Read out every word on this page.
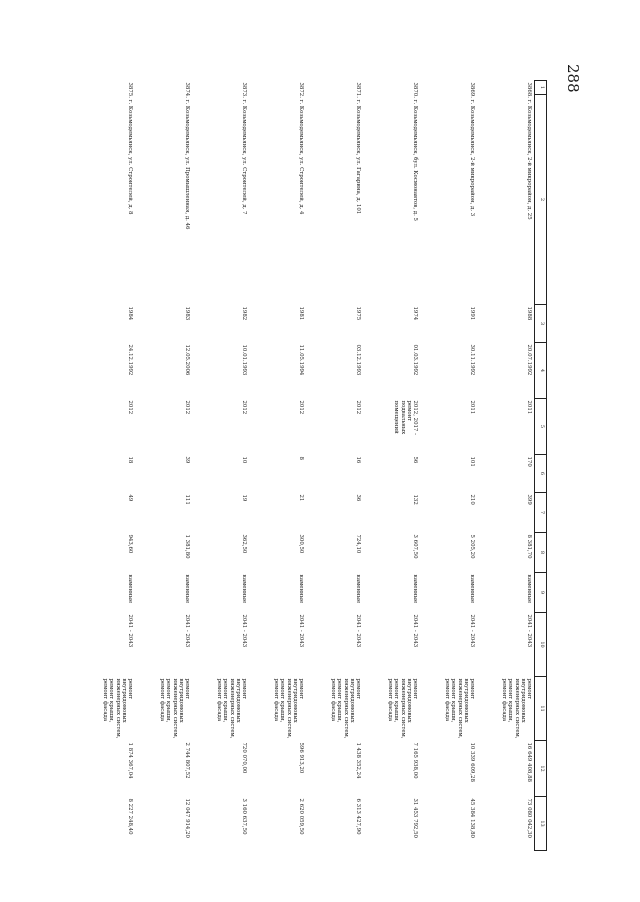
288
1	2	3	4	5	6	7	8	9	10	11	12	13
3868. г. Козьмодемьянск, 2-й микрорайон, д. 25		1988	20.07.1992	2011	170	399	8 381,70	каменные	2041 - 2043	ремонт внутридомовых инженерных систем, ремонт крыши, ремонт фасада	16 649 408,88	73 080 042,30
3869. г. Козьмодемьянск, 2-й микрорайон, д. 3		1991	30.11.1992	2011	101	210	5 205,20	каменные	2041 - 2043	ремонт внутридомовых инженерных систем, ремонт крыши, ремонт фасада	10 339 609,28	45 384 138,80
3870. г. Козьмодемьянск, бул. Космонавтов, д. 5		1974	01.03.1992	2012, 2017 - ремонт подвальных помещений	56	132	3 607,50	каменные	2041 - 2043	ремонт внутридомовых инженерных систем, ремонт крыши, ремонт фасада	7 165 938,00	31 453 792,50
3871. г. Козьмодемьянск, ул. Гагарина, д. 101		1975	03.12.1993	2012	16	36	724,10	каменные	2041 - 2043	ремонт внутридомовых инженерных систем, ремонт крыши, ремонт фасада	1 438 352,24	6 313 427,90
3872. г. Козьмодемьянск, ул. Строителей, д. 4		1981	11.05.1994	2012	8	21	300,50	каменные	2041 - 2043	ремонт внутридомовых инженерных систем, ремонт крыши, ремонт фасада	596 913,20	2 620 059,50
3873. г. Козьмодемьянск, ул. Строителей, д. 7		1982	10.01.1993	2012	10	19	362,50	каменные	2041 - 2043	ремонт внутридомовых инженерных систем, ремонт крыши, ремонт фасада	720 070,00	3 160 637,50
3874. г. Козьмодемьянск, ул. Промышленная, д. 46		1983	12.05.2006	2012	39	111	1 381,80	каменные	2041 - 2043	ремонт внутридомовых инженерных систем, ремонт крыши, ремонт фасада	2 744 807,52	12 047 914,20
3875. г. Козьмодемьянск, ул. Строителей, д. 8		1984	24.12.1992	2012	18	49	943,60	каменные	2041 - 2043	ремонт внутридомовых инженерных систем, ремонт крыши, ремонт фасада	1 874 367,04	8 227 248,40
